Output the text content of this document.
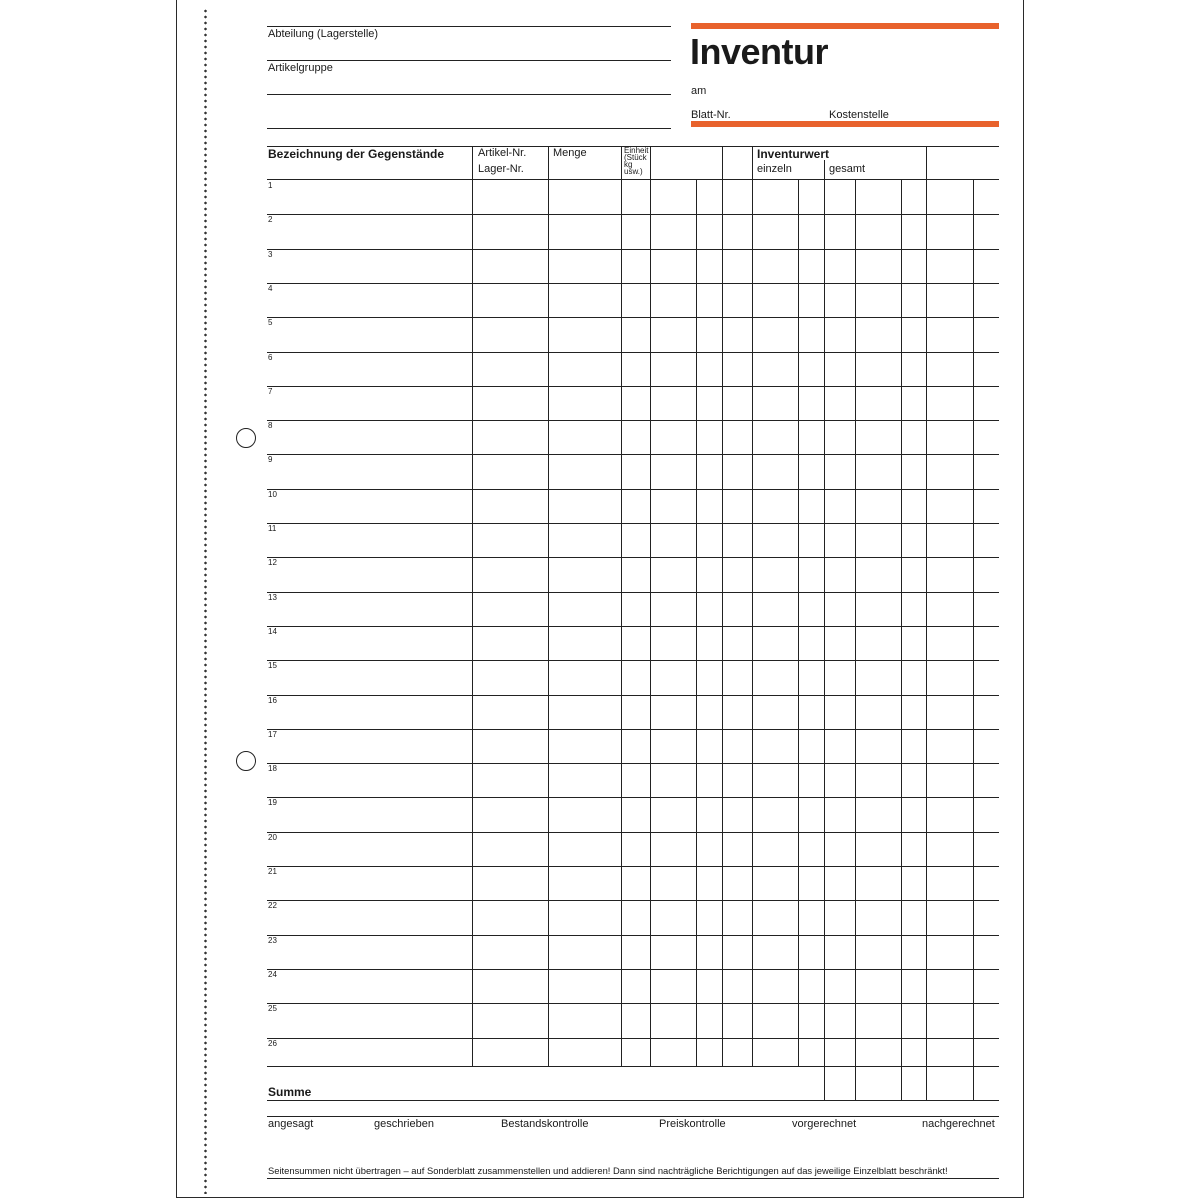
Abteilung (Lagerstelle)
Artikelgruppe	Inventur
am
Blatt-Nr.	Kostenstelle
Bezeichnung der Gegenstände	Artikel-Nr.
Lager-Nr.
Menge	Einheit
(Stück
kg
usw.)
Inventurwert
einzeln	gesamt
1
2
3
4
5
6
7
8
9
10
11
12
13
14
15
16
17
18
19
20
21
22
23
24
25
26
Summe
angesagt	geschrieben	Bestandskontrolle	Preiskontrolle	vorgerechnet	nachgerechnet
Seitensummen nicht übertragen – auf Sonderblatt zusammenstellen und addieren! Dann sind nachträgliche Berichtigungen auf das jeweilige Einzelblatt beschränkt!
